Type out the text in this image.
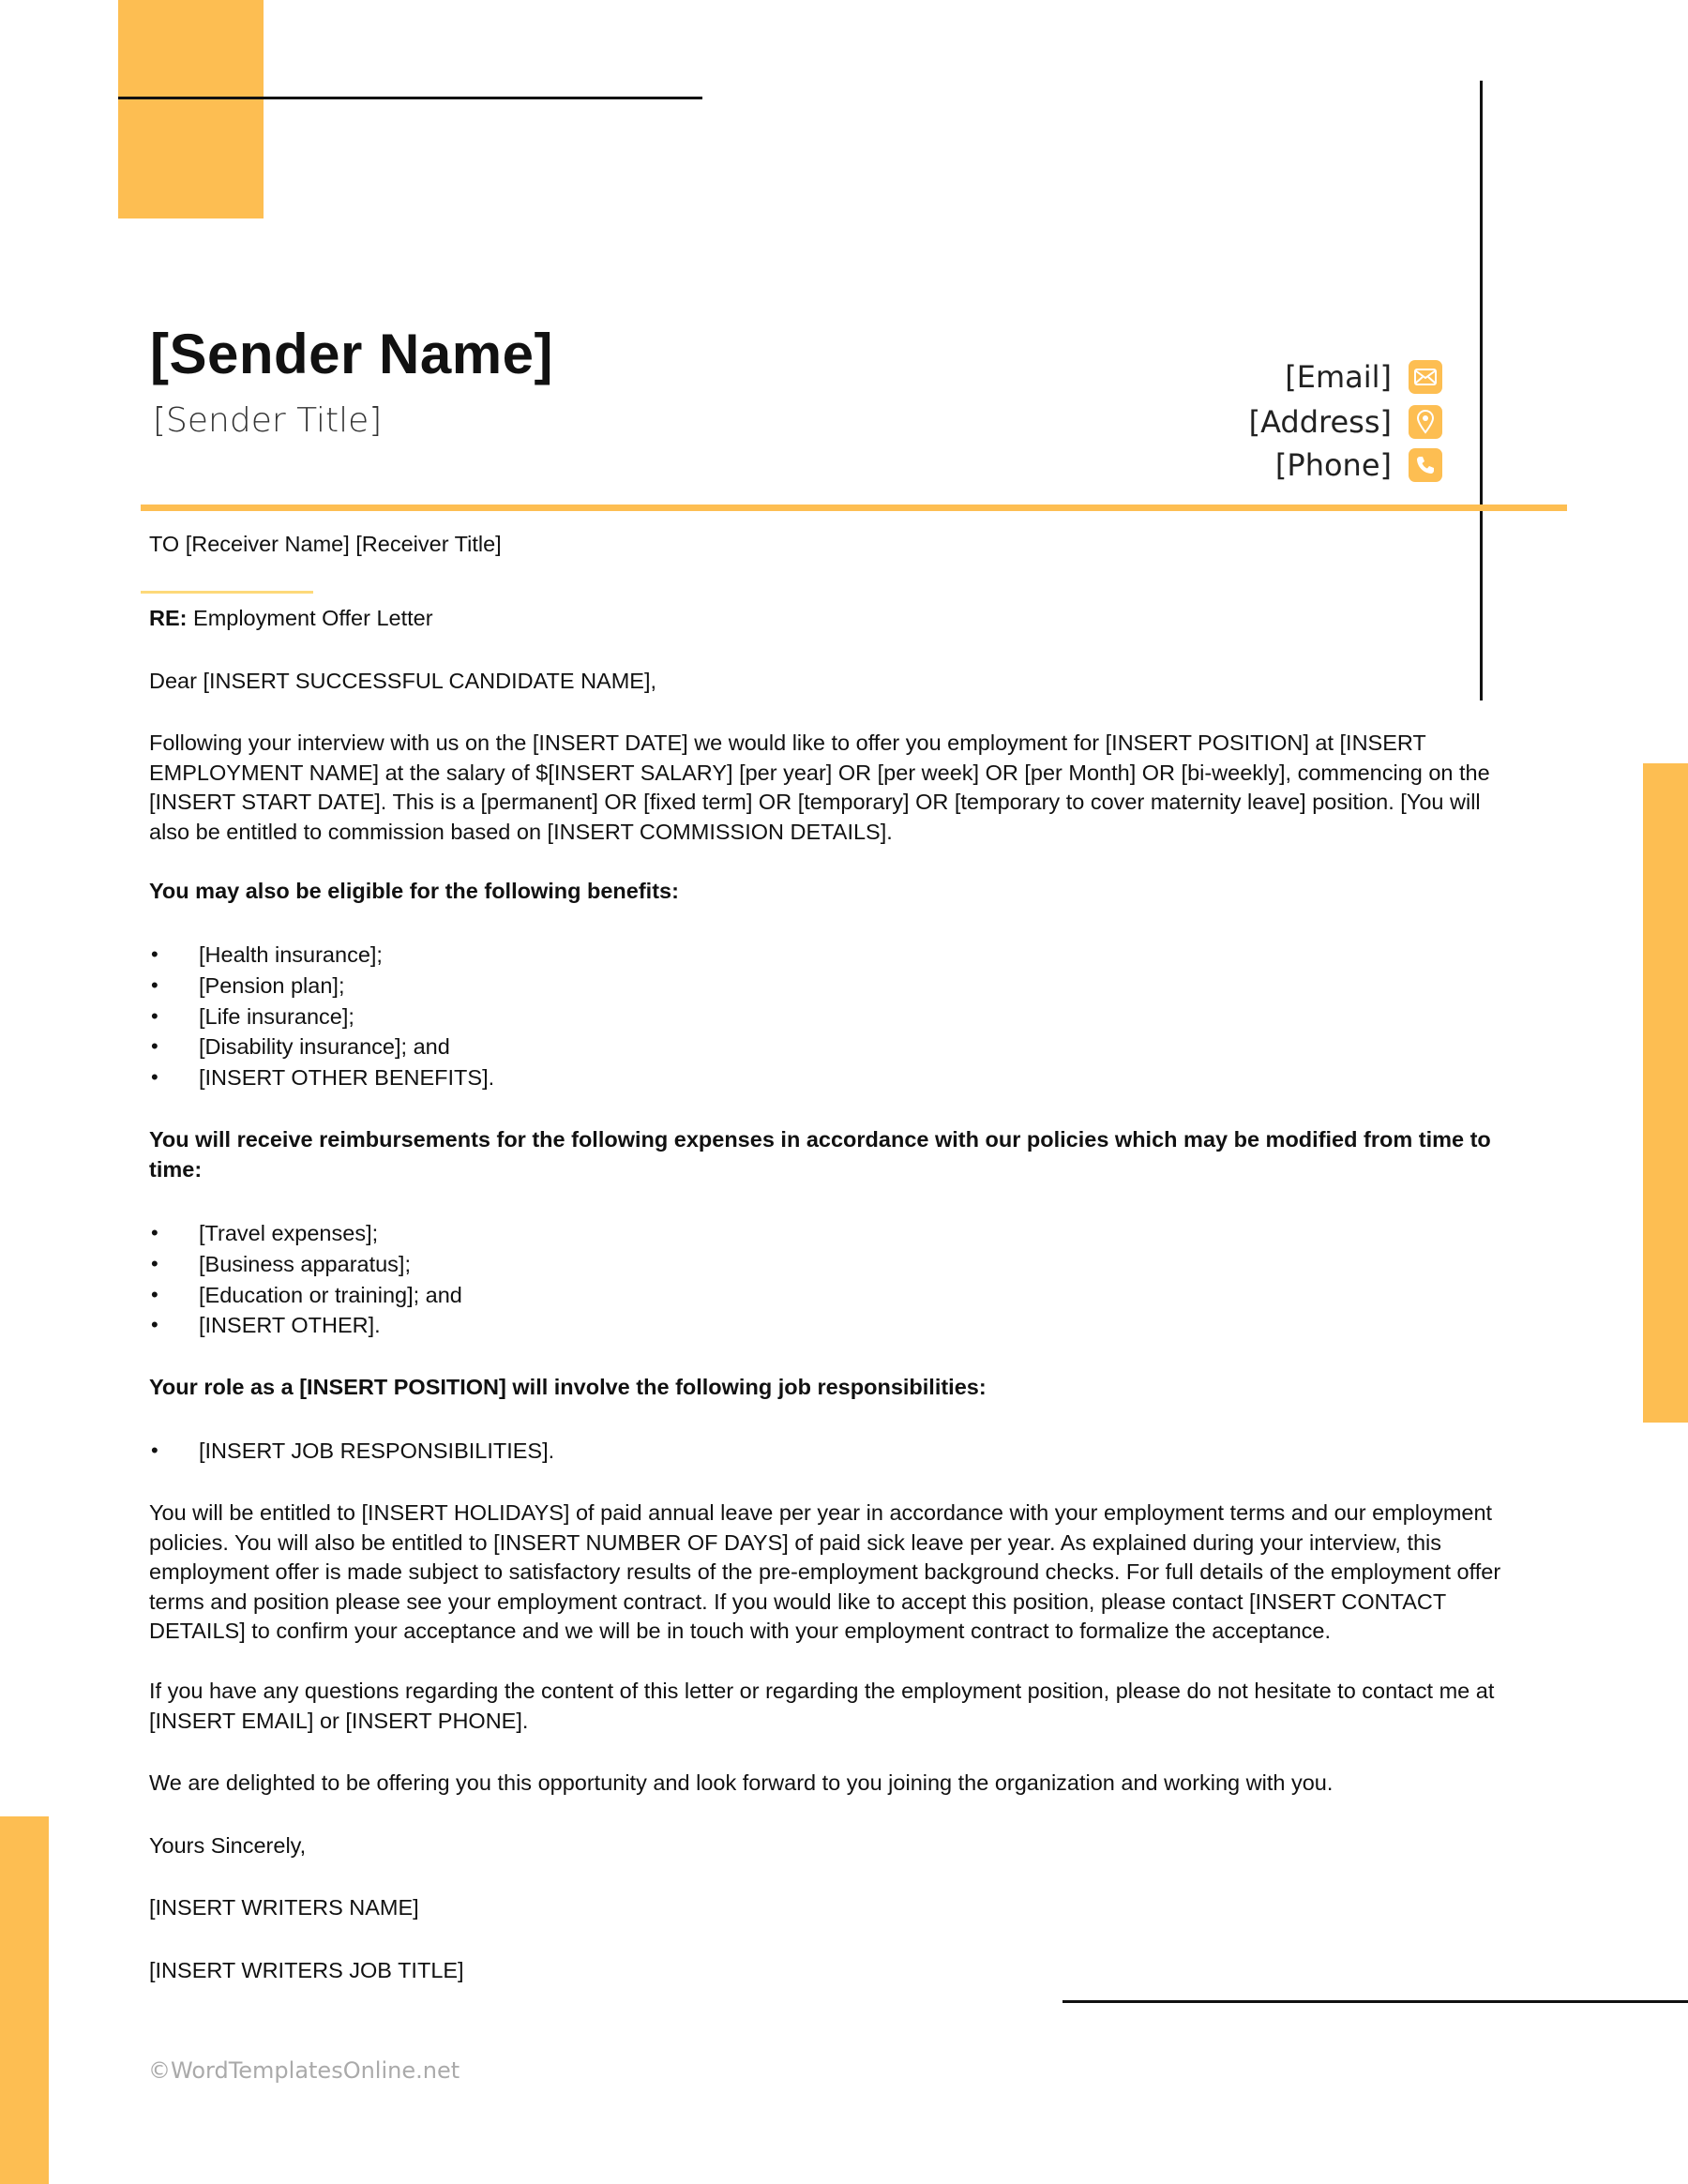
[Sender Name]
[Sender Title]
[Email]
[Address]
[Phone]
TO [Receiver Name] [Receiver Title]
RE: Employment Offer Letter
Dear [INSERT SUCCESSFUL CANDIDATE NAME],
Following your interview with us on the [INSERT DATE] we would like to offer you employment for [INSERT POSITION] at [INSERT EMPLOYMENT NAME] at the salary of $[INSERT SALARY] [per year] OR [per week] OR [per Month] OR [bi-weekly], commencing on the [INSERT START DATE]. This is a [permanent] OR [fixed term] OR [temporary] OR [temporary to cover maternity leave] position. [You will also be entitled to commission based on [INSERT COMMISSION DETAILS].
You may also be eligible for the following benefits:
• [Health insurance];
• [Pension plan];
• [Life insurance];
• [Disability insurance]; and
• [INSERT OTHER BENEFITS].
You will receive reimbursements for the following expenses in accordance with our policies which may be modified from time to time:
• [Travel expenses];
• [Business apparatus];
• [Education or training]; and
• [INSERT OTHER].
Your role as a [INSERT POSITION] will involve the following job responsibilities:
• [INSERT JOB RESPONSIBILITIES].
You will be entitled to [INSERT HOLIDAYS] of paid annual leave per year in accordance with your employment terms and our employment policies. You will also be entitled to [INSERT NUMBER OF DAYS] of paid sick leave per year. As explained during your interview, this employment offer is made subject to satisfactory results of the pre-employment background checks. For full details of the employment offer terms and position please see your employment contract. If you would like to accept this position, please contact [INSERT CONTACT DETAILS] to confirm your acceptance and we will be in touch with your employment contract to formalize the acceptance.
If you have any questions regarding the content of this letter or regarding the employment position, please do not hesitate to contact me at [INSERT EMAIL] or [INSERT PHONE].
We are delighted to be offering you this opportunity and look forward to you joining the organization and working with you.
Yours Sincerely,
[INSERT WRITERS NAME]
[INSERT WRITERS JOB TITLE]
©WordTemplatesOnline.net
